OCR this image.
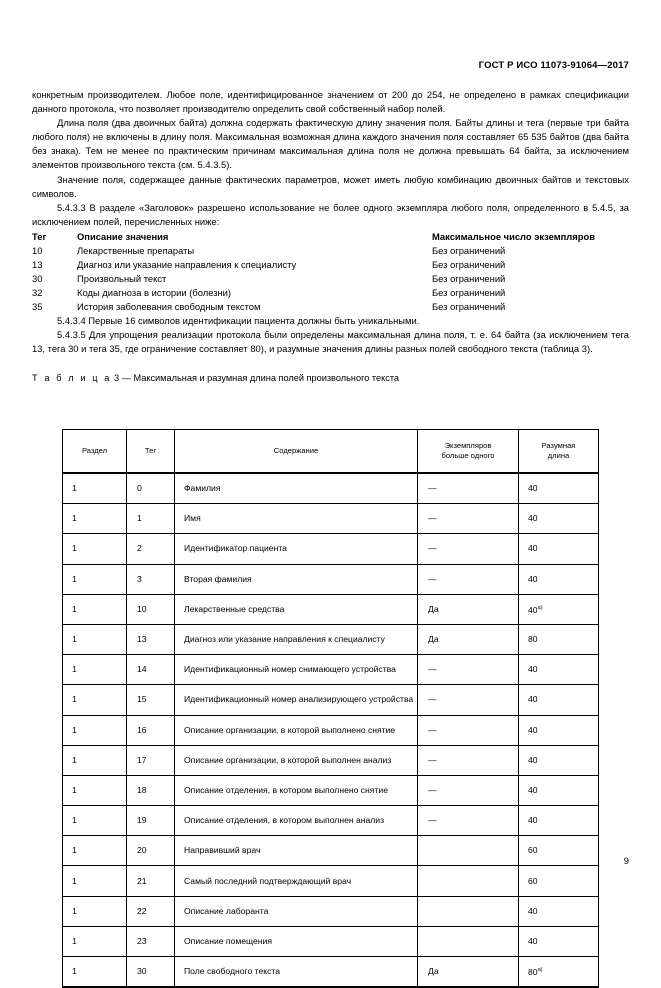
ГОСТ Р ИСО 11073-91064—2017

конкретным производителем. Любое поле, идентифицированное значением от 200 до 254, не определено в рамках спецификации данного протокола, что позволяет производителю определить свой собственный набор полей.

Длина поля (два двоичных байта) должна содержать фактическую длину значения поля. Байты длины и тега (первые три байта любого поля) не включены в длину поля. Максимальная возможная длина каждого значения поля составляет 65 535 байтов (два байта без знака). Тем не менее по практическим причинам максимальная длина поля не должна превышать 64 байта, за исключением элементов произвольного текста (см. 5.4.3.5).

Значение поля, содержащее данные фактических параметров, может иметь любую комбинацию двоичных байтов и текстовых символов.

5.4.3.3 В разделе «Заголовок» разрешено использование не более одного экземпляра любого поля, определенного в 5.4.5, за исключением полей, перечисленных ниже:

Тег	Описание значения	Максимальное число экземпляров
10	Лекарственные препараты	Без ограничений
13	Диагноз или указание направления к специалисту	Без ограничений
30	Произвольный текст	Без ограничений
32	Коды диагноза в истории (болезни)	Без ограничений
35	История заболевания свободным текстом	Без ограничений

5.4.3.4 Первые 16 символов идентификации пациента должны быть уникальными.

5.4.3.5 Для упрощения реализации протокола были определены максимальная длина поля, т. е. 64 байта (за исключением тега 13, тега 30 и тега 35, где ограничение составляет 80), и разумные значения длины разных полей свободного текста (таблица 3).

Т а б л и ц а 3 — Максимальная и разумная длина полей произвольного текста
Раздел	Тег	Содержание	Экземпляров
больше одного	Разумная
длина
1	0	Фамилия	—	40
1	1	Имя	—	40
1	2	Идентификатор пациента	—	40
1	3	Вторая фамилия	—	40
1	10	Лекарственные средства	Да	$40^{а)}$
1	13	Диагноз или указание направления к специалисту	Да	80
1	14	Идентификационный номер снимающего устройства	—	40
1	15	Идентификационный номер анализирующего устройства	—	40
1	16	Описание организации, в которой выполнено снятие	—	40
1	17	Описание организации, в которой выполнен анализ	—	40
1	18	Описание отделения, в котором выполнено снятие	—	40
1	19	Описание отделения, в котором выполнен анализ	—	40
1	20	Направивший врач		60
1	21	Самый последний подтверждающий врач		60
1	22	Описание лаборанта		40
1	23	Описание помещения		40
1	30	Поле свободного текста	Да	$80^{а)}$
9
